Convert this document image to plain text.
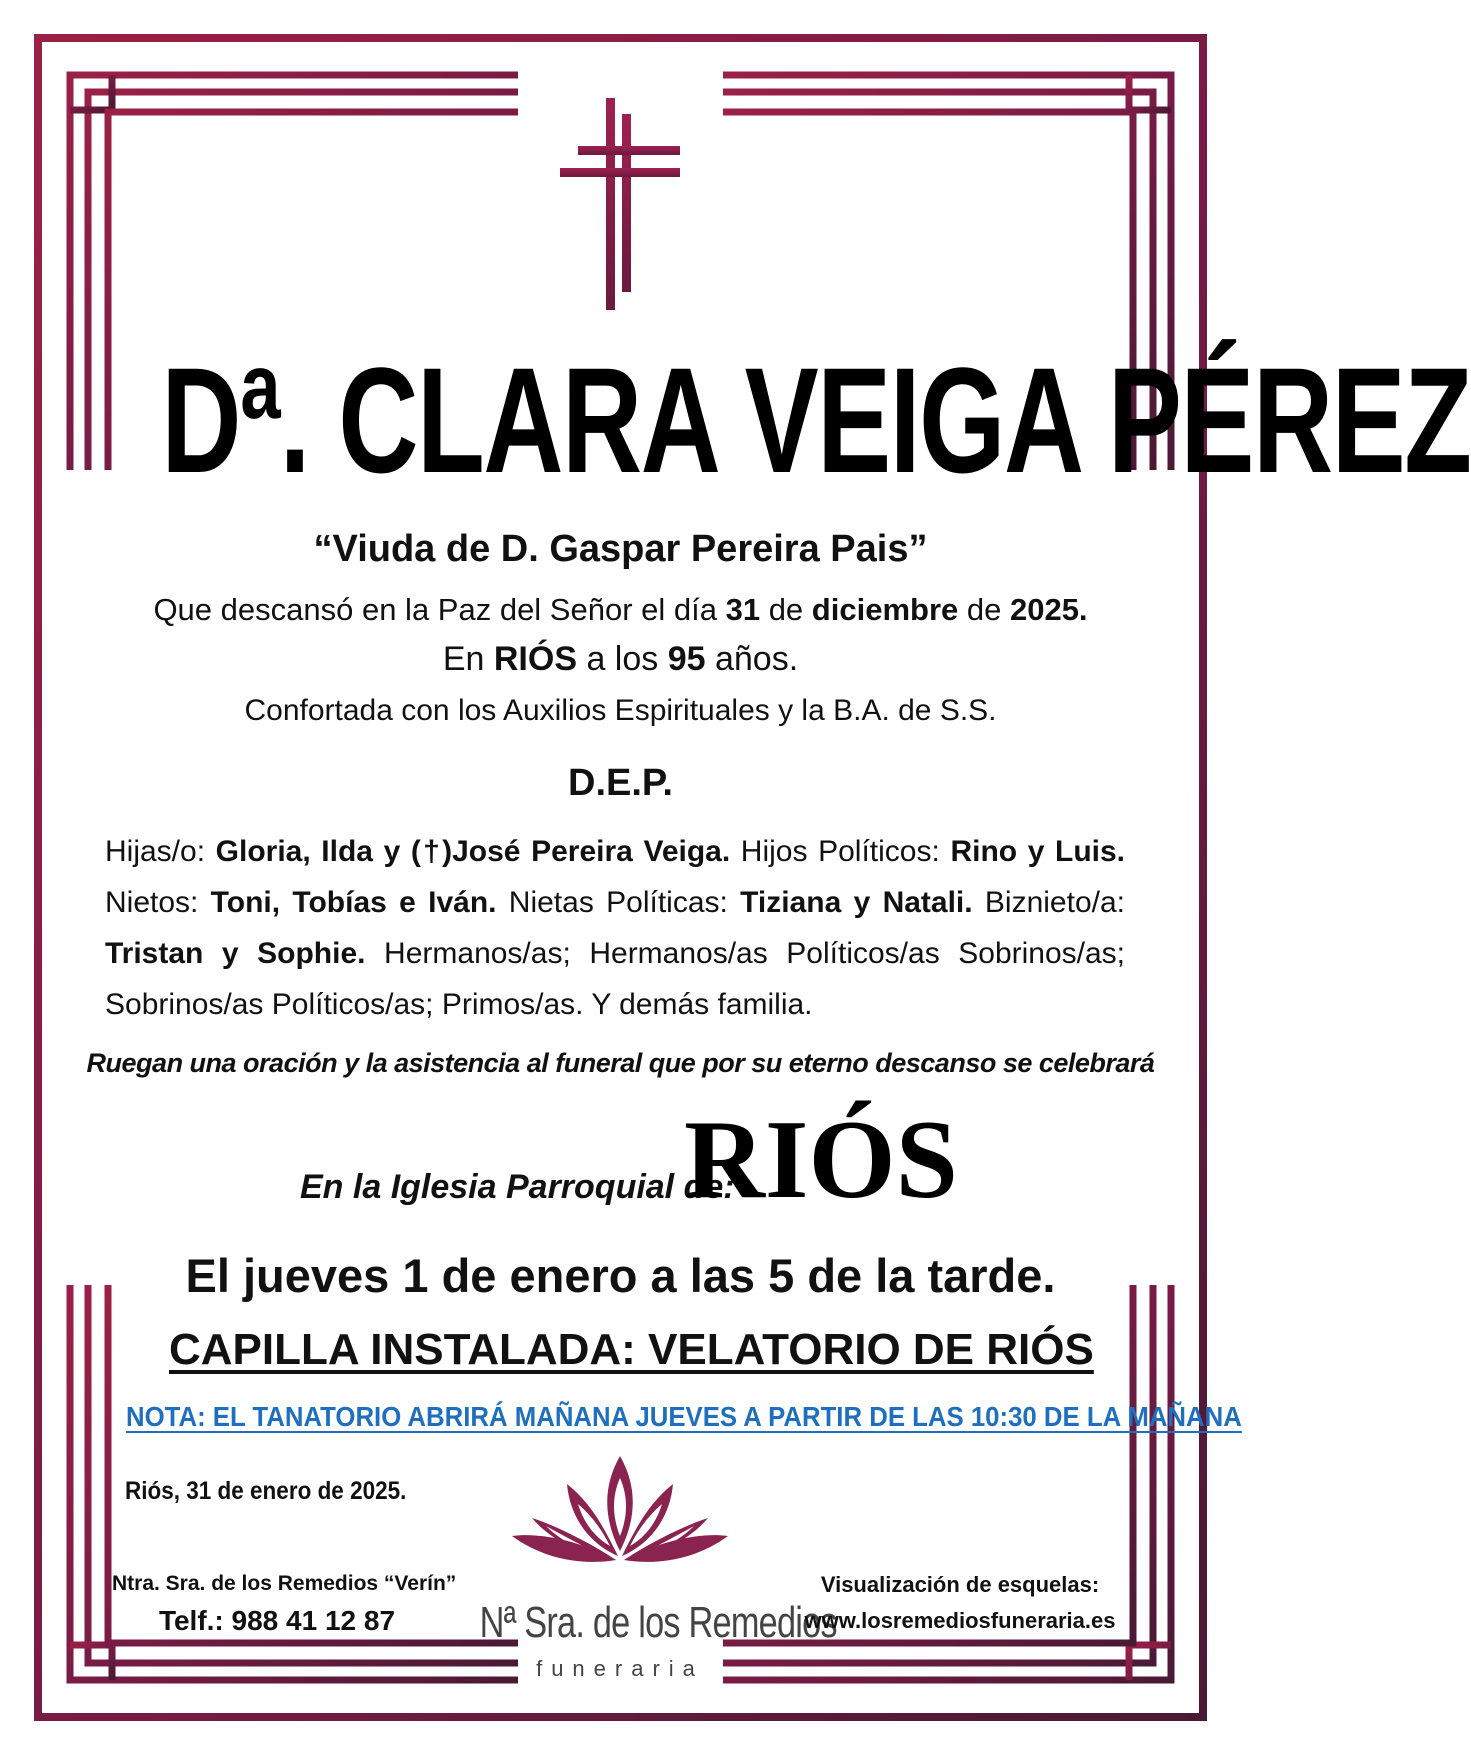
Dª. CLARA VEIGA PÉREZ
“Viuda de D. Gaspar Pereira Pais”
Que descansó en la Paz del Señor el día 31 de diciembre de 2025.
En RIÓS a los 95 años.
Confortada con los Auxilios Espirituales y la B.A. de S.S.
D.E.P.
Hijas/o: Gloria, Ilda y (†)José Pereira Veiga. Hijos Políticos: Rino y Luis. Nietos: Toni, Tobías e Iván. Nietas Políticas: Tiziana y Natali. Biznieto/a: Tristan y Sophie. Hermanos/as; Hermanos/as Políticos/as Sobrinos/as; Sobrinos/as Políticos/as; Primos/as. Y demás familia.
Ruegan una oración y la asistencia al funeral que por su eterno descanso se celebrará
En la Iglesia Parroquial de:
RIÓS
El jueves 1 de enero a las 5 de la tarde.
CAPILLA INSTALADA: VELATORIO DE RIÓS
NOTA: EL TANATORIO ABRIRÁ MAÑANA JUEVES A PARTIR DE LAS 10:30 DE LA MAÑANA
Riós, 31 de enero de 2025.
Ntra. Sra. de los Remedios “Verín”
Telf.: 988 41 12 87	Nª Sra. de los Remedios
funeraria
Visualización de esquelas:
www.losremediosfuneraria.es
